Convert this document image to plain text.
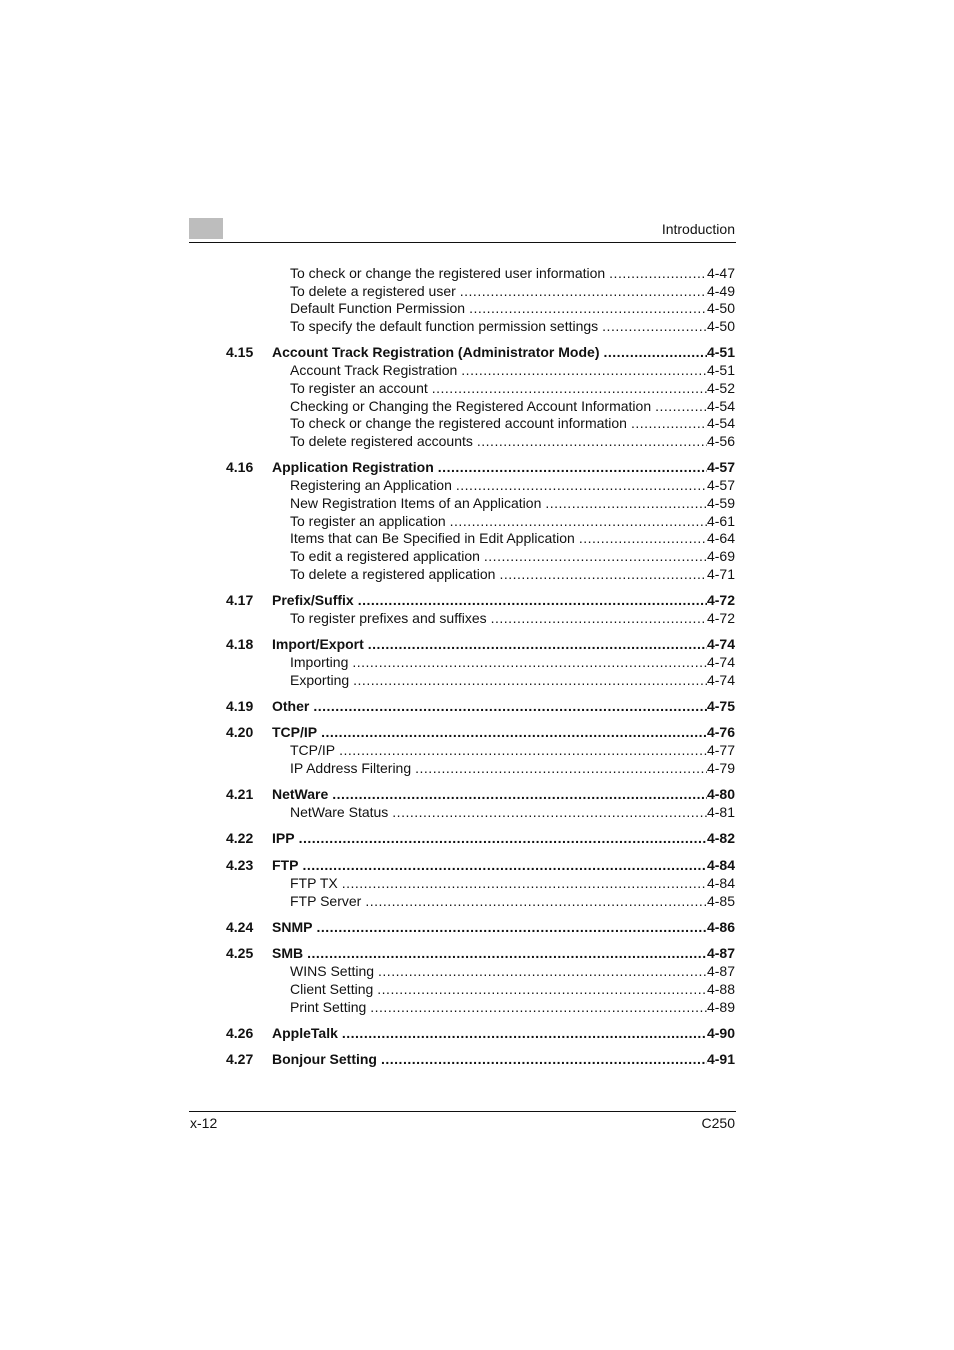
Introduction
To check or change the registered user information .....	4-47
To delete a registered user .....	4-49
Default Function Permission .....	4-50
To specify the default function permission settings .....	4-50
4.15 Account Track Registration (Administrator Mode) .....	4-51
Account Track Registration .....	4-51
To register an account .....	4-52
Checking or Changing the Registered Account Information .....	4-54
To check or change the registered account information .....	4-54
To delete registered accounts .....	4-56
4.16 Application Registration .....	4-57
Registering an Application .....	4-57
New Registration Items of an Application .....	4-59
To register an application .....	4-61
Items that can Be Specified in Edit Application .....	4-64
To edit a registered application .....	4-69
To delete a registered application .....	4-71
4.17 Prefix/Suffix .....	4-72
To register prefixes and suffixes .....	4-72
4.18 Import/Export .....	4-74
Importing .....	4-74
Exporting .....	4-74
4.19 Other .....	4-75
4.20 TCP/IP .....	4-76
TCP/IP .....	4-77
IP Address Filtering .....	4-79
4.21 NetWare .....	4-80
NetWare Status .....	4-81
4.22 IPP .....	4-82
4.23 FTP .....	4-84
FTP TX .....	4-84
FTP Server .....	4-85
4.24 SNMP .....	4-86
4.25 SMB .....	4-87
WINS Setting .....	4-87
Client Setting .....	4-88
Print Setting .....	4-89
4.26 AppleTalk .....	4-90
4.27 Bonjour Setting .....	4-91
x-12	C250
